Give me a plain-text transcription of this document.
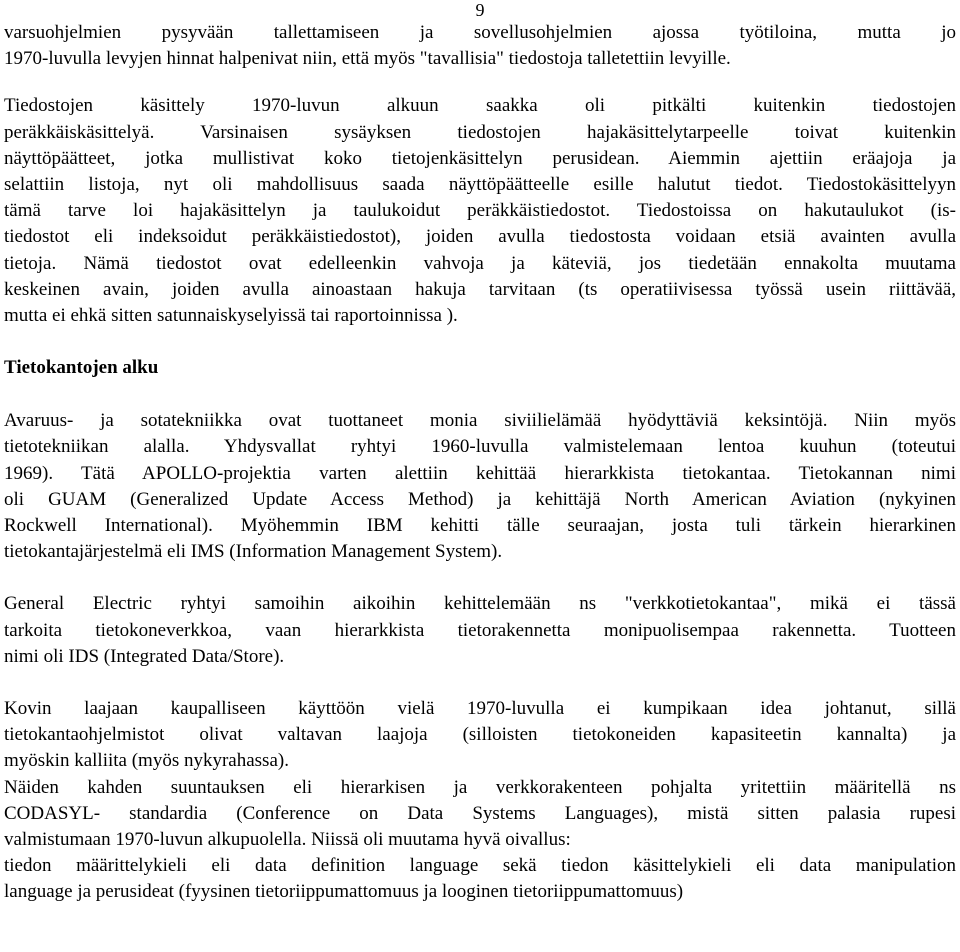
9

varsuohjelmien pysyvään tallettamiseen ja sovellusohjelmien ajossa työtiloina, mutta jo
1970-luvulla levyjen hinnat halpenivat niin, että myös "tavallisia" tiedostoja talletettiin levyille.

Tiedostojen käsittely 1970-luvun alkuun saakka oli pitkälti kuitenkin tiedostojen
peräkkäiskäsittelyä. Varsinaisen sysäyksen tiedostojen hajakäsittelytarpeelle toivat kuitenkin
näyttöpäätteet, jotka mullistivat koko tietojenkäsittelyn perusidean. Aiemmin ajettiin eräajoja ja
selattiin listoja, nyt oli mahdollisuus saada näyttöpäätteelle esille halutut tiedot. Tiedostokäsittelyyn
tämä tarve loi hajakäsittelyn ja taulukoidut peräkkäistiedostot. Tiedostoissa on hakutaulukot (is-
tiedostot eli indeksoidut peräkkäistiedostot), joiden avulla tiedostosta voidaan etsiä avainten avulla
tietoja. Nämä tiedostot ovat edelleenkin vahvoja ja käteviä, jos tiedetään ennakolta muutama
keskeinen avain, joiden avulla ainoastaan hakuja tarvitaan (ts operatiivisessa työssä usein riittävää,
mutta ei ehkä sitten satunnaiskyselyissä tai raportoinnissa ).

Tietokantojen alku

Avaruus- ja sotatekniikka ovat tuottaneet monia siviilielämää hyödyttäviä keksintöjä. Niin myös
tietotekniikan alalla. Yhdysvallat ryhtyi 1960-luvulla valmistelemaan lentoa kuuhun (toteutui
1969). Tätä APOLLO-projektia varten alettiin kehittää hierarkkista tietokantaa. Tietokannan nimi
oli GUAM (Generalized Update Access Method) ja kehittäjä North American Aviation (nykyinen
Rockwell International). Myöhemmin IBM kehitti tälle seuraajan, josta tuli tärkein hierarkinen
tietokantajärjestelmä eli IMS (Information Management System).

General Electric ryhtyi samoihin aikoihin kehittelemään ns "verkkotietokantaa", mikä ei tässä
tarkoita tietokoneverkkoa, vaan hierarkkista tietorakennetta monipuolisempaa rakennetta. Tuotteen
nimi oli IDS (Integrated Data/Store).

Kovin laajaan kaupalliseen käyttöön vielä 1970-luvulla ei kumpikaan idea johtanut, sillä
tietokantaohjelmistot olivat valtavan laajoja (silloisten tietokoneiden kapasiteetin kannalta) ja
myöskin kalliita (myös nykyrahassa).

Näiden kahden suuntauksen eli hierarkisen ja verkkorakenteen pohjalta yritettiin määritellä ns
CODASYL- standardia (Conference on Data Systems Languages), mistä sitten palasia rupesi
valmistumaan 1970-luvun alkupuolella. Niissä oli muutama hyvä oivallus:
tiedon määrittelykieli eli data definition language sekä tiedon käsittelykieli eli data manipulation
language ja perusideat (fyysinen tietoriippumattomuus ja looginen tietoriippumattomuus)
